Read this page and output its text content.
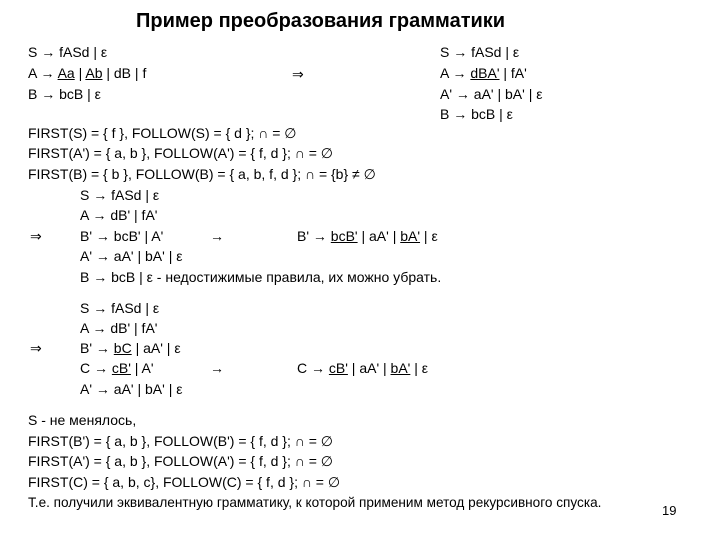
Пример преобразования грамматики
S → fASd | ε
A → Aa | Ab | dB | f
B → bcB | ε
⇒
S → fASd | ε
A → dBA' | fA'
A' → aA' | bA' | ε
B → bcB | ε
FIRST(S) = { f }, FOLLOW(S) = { d }; ∩ = ∅
FIRST(A') = { a, b }, FOLLOW(A') = { f, d }; ∩ = ∅
FIRST(B) = { b }, FOLLOW(B) = { a, b, f, d }; ∩ = {b} ≠ ∅
S → fASd | ε
A → dB' | fA'
⇒	B' → bcB' | A'	→	B' → bcB' | aA' | bA' | ε
A' → aA' | bA' | ε
B → bcB | ε - недостижимые правила, их можно убрать.
S → fASd | ε
A → dB' | fA'
⇒	B' → bC | aA' | ε
C → cB' | A'	→	C → cB' | aA' | bA' | ε
A' → aA' | bA' | ε
S - не менялось,
FIRST(B') = { a, b }, FOLLOW(B') = { f, d }; ∩ = ∅
FIRST(A') = { a, b }, FOLLOW(A') = { f, d }; ∩ = ∅
FIRST(C) = { a, b, c}, FOLLOW(C) = { f, d }; ∩ = ∅
Т.е. получили эквивалентную грамматику, к которой применим метод рекурсивного спуска.
19
